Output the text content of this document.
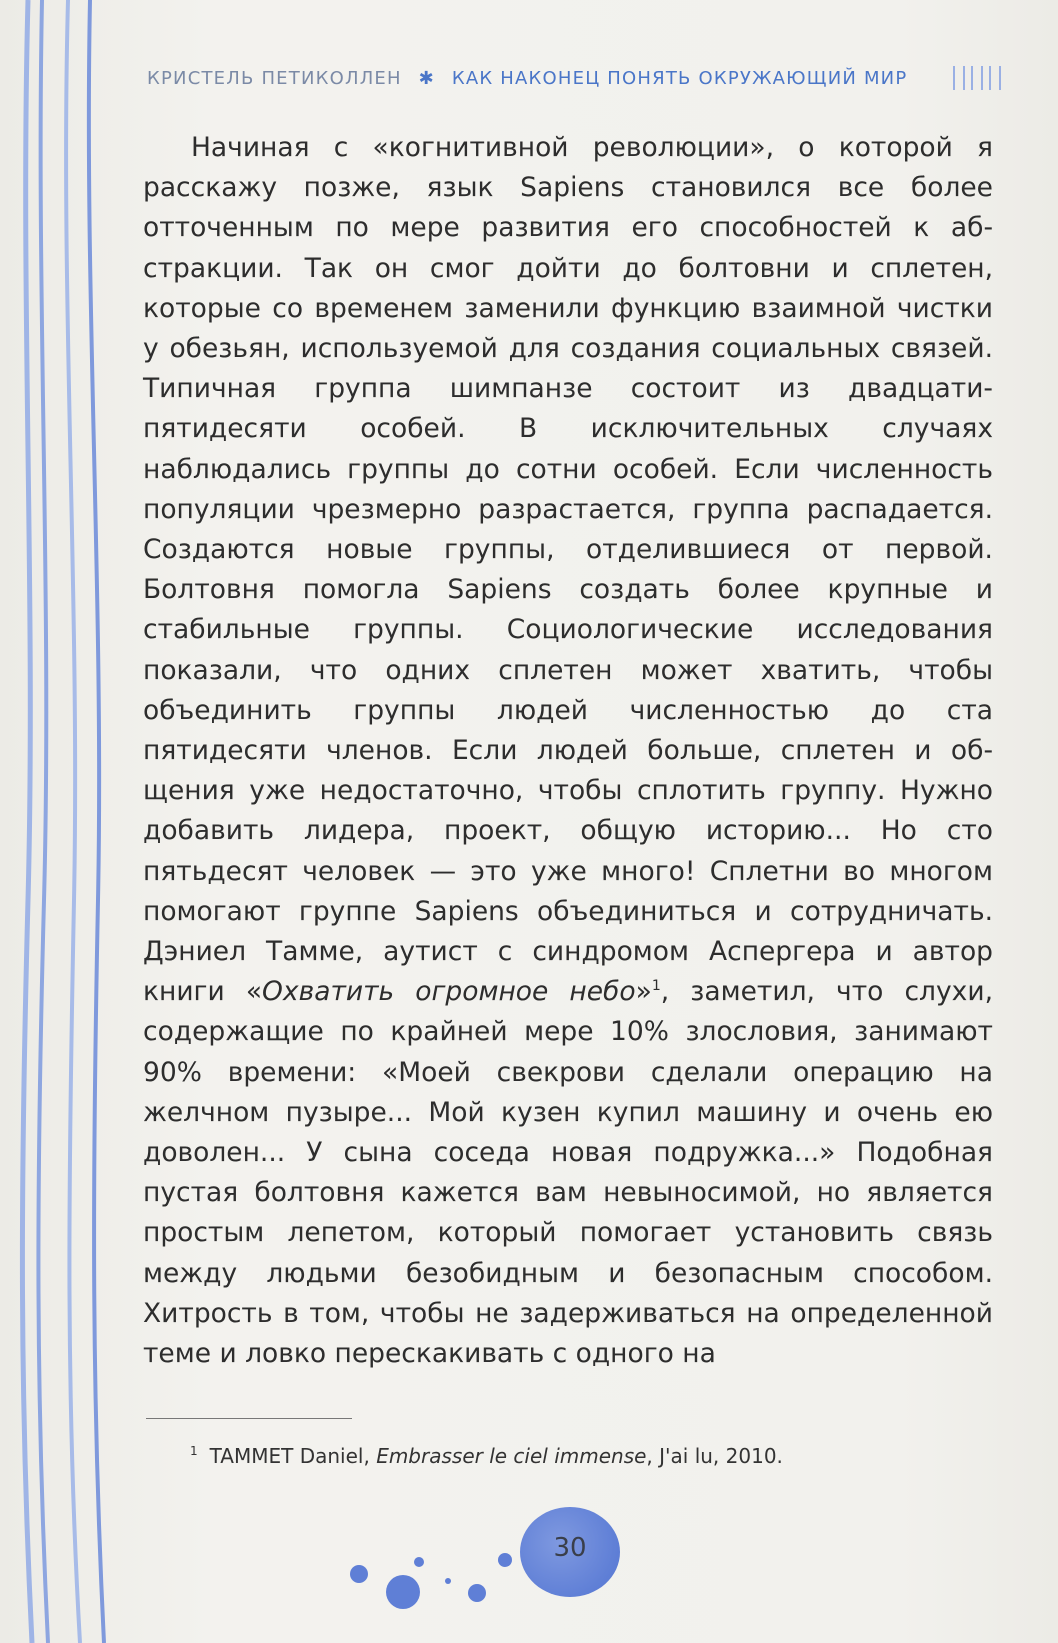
КРИСТЕЛЬ ПЕТИКОЛЛЕН ✱ КАК НАКОНЕЦ ПОНЯТЬ ОКРУЖАЮЩИЙ МИР

Начиная с «когнитивной революции», о которой я расскажу позже, язык Sapiens становился все более отточенным по мере развития его способностей к абстракции. Так он смог дойти до болтовни и сплетен, которые со временем заменили функцию взаимной чистки у обезьян, используемой для создания социальных связей. Типичная группа шимпанзе состоит из двадцати-пятидесяти особей. В исключительных случаях наблюдались группы до сотни особей. Если численность популяции чрезмерно разрастается, группа распадается. Создаются новые группы, отделившиеся от первой. Болтовня помогла Sapiens создать более крупные и стабильные группы. Социологические исследования показали, что одних сплетен может хватить, чтобы объединить группы людей численностью до ста пятидесяти членов. Если людей больше, сплетен и общения уже недостаточно, чтобы сплотить группу. Нужно добавить лидера, проект, общую историю... Но сто пятьдесят человек — это уже много! Сплетни во многом помогают группе Sapiens объединиться и сотрудничать. Дэниел Тамме, аутист с синдромом Аспергера и автор книги «Охватить огромное небо»$^1$, заметил, что слухи, содержащие по крайней мере 10% злословия, занимают 90% времени: «Моей свекрови сделали операцию на желчном пузыре... Мой кузен купил машину и очень ею доволен... У сына соседа новая подружка...» Подобная пустая болтовня кажется вам невыносимой, но является простым лепетом, который помогает установить связь между людьми безобидным и безопасным способом. Хитрость в том, чтобы не задерживаться на определенной теме и ловко перескакивать с одного на

$^1$ TAMMET Daniel, Embrasser le ciel immense, J'ai lu, 2010.
30
